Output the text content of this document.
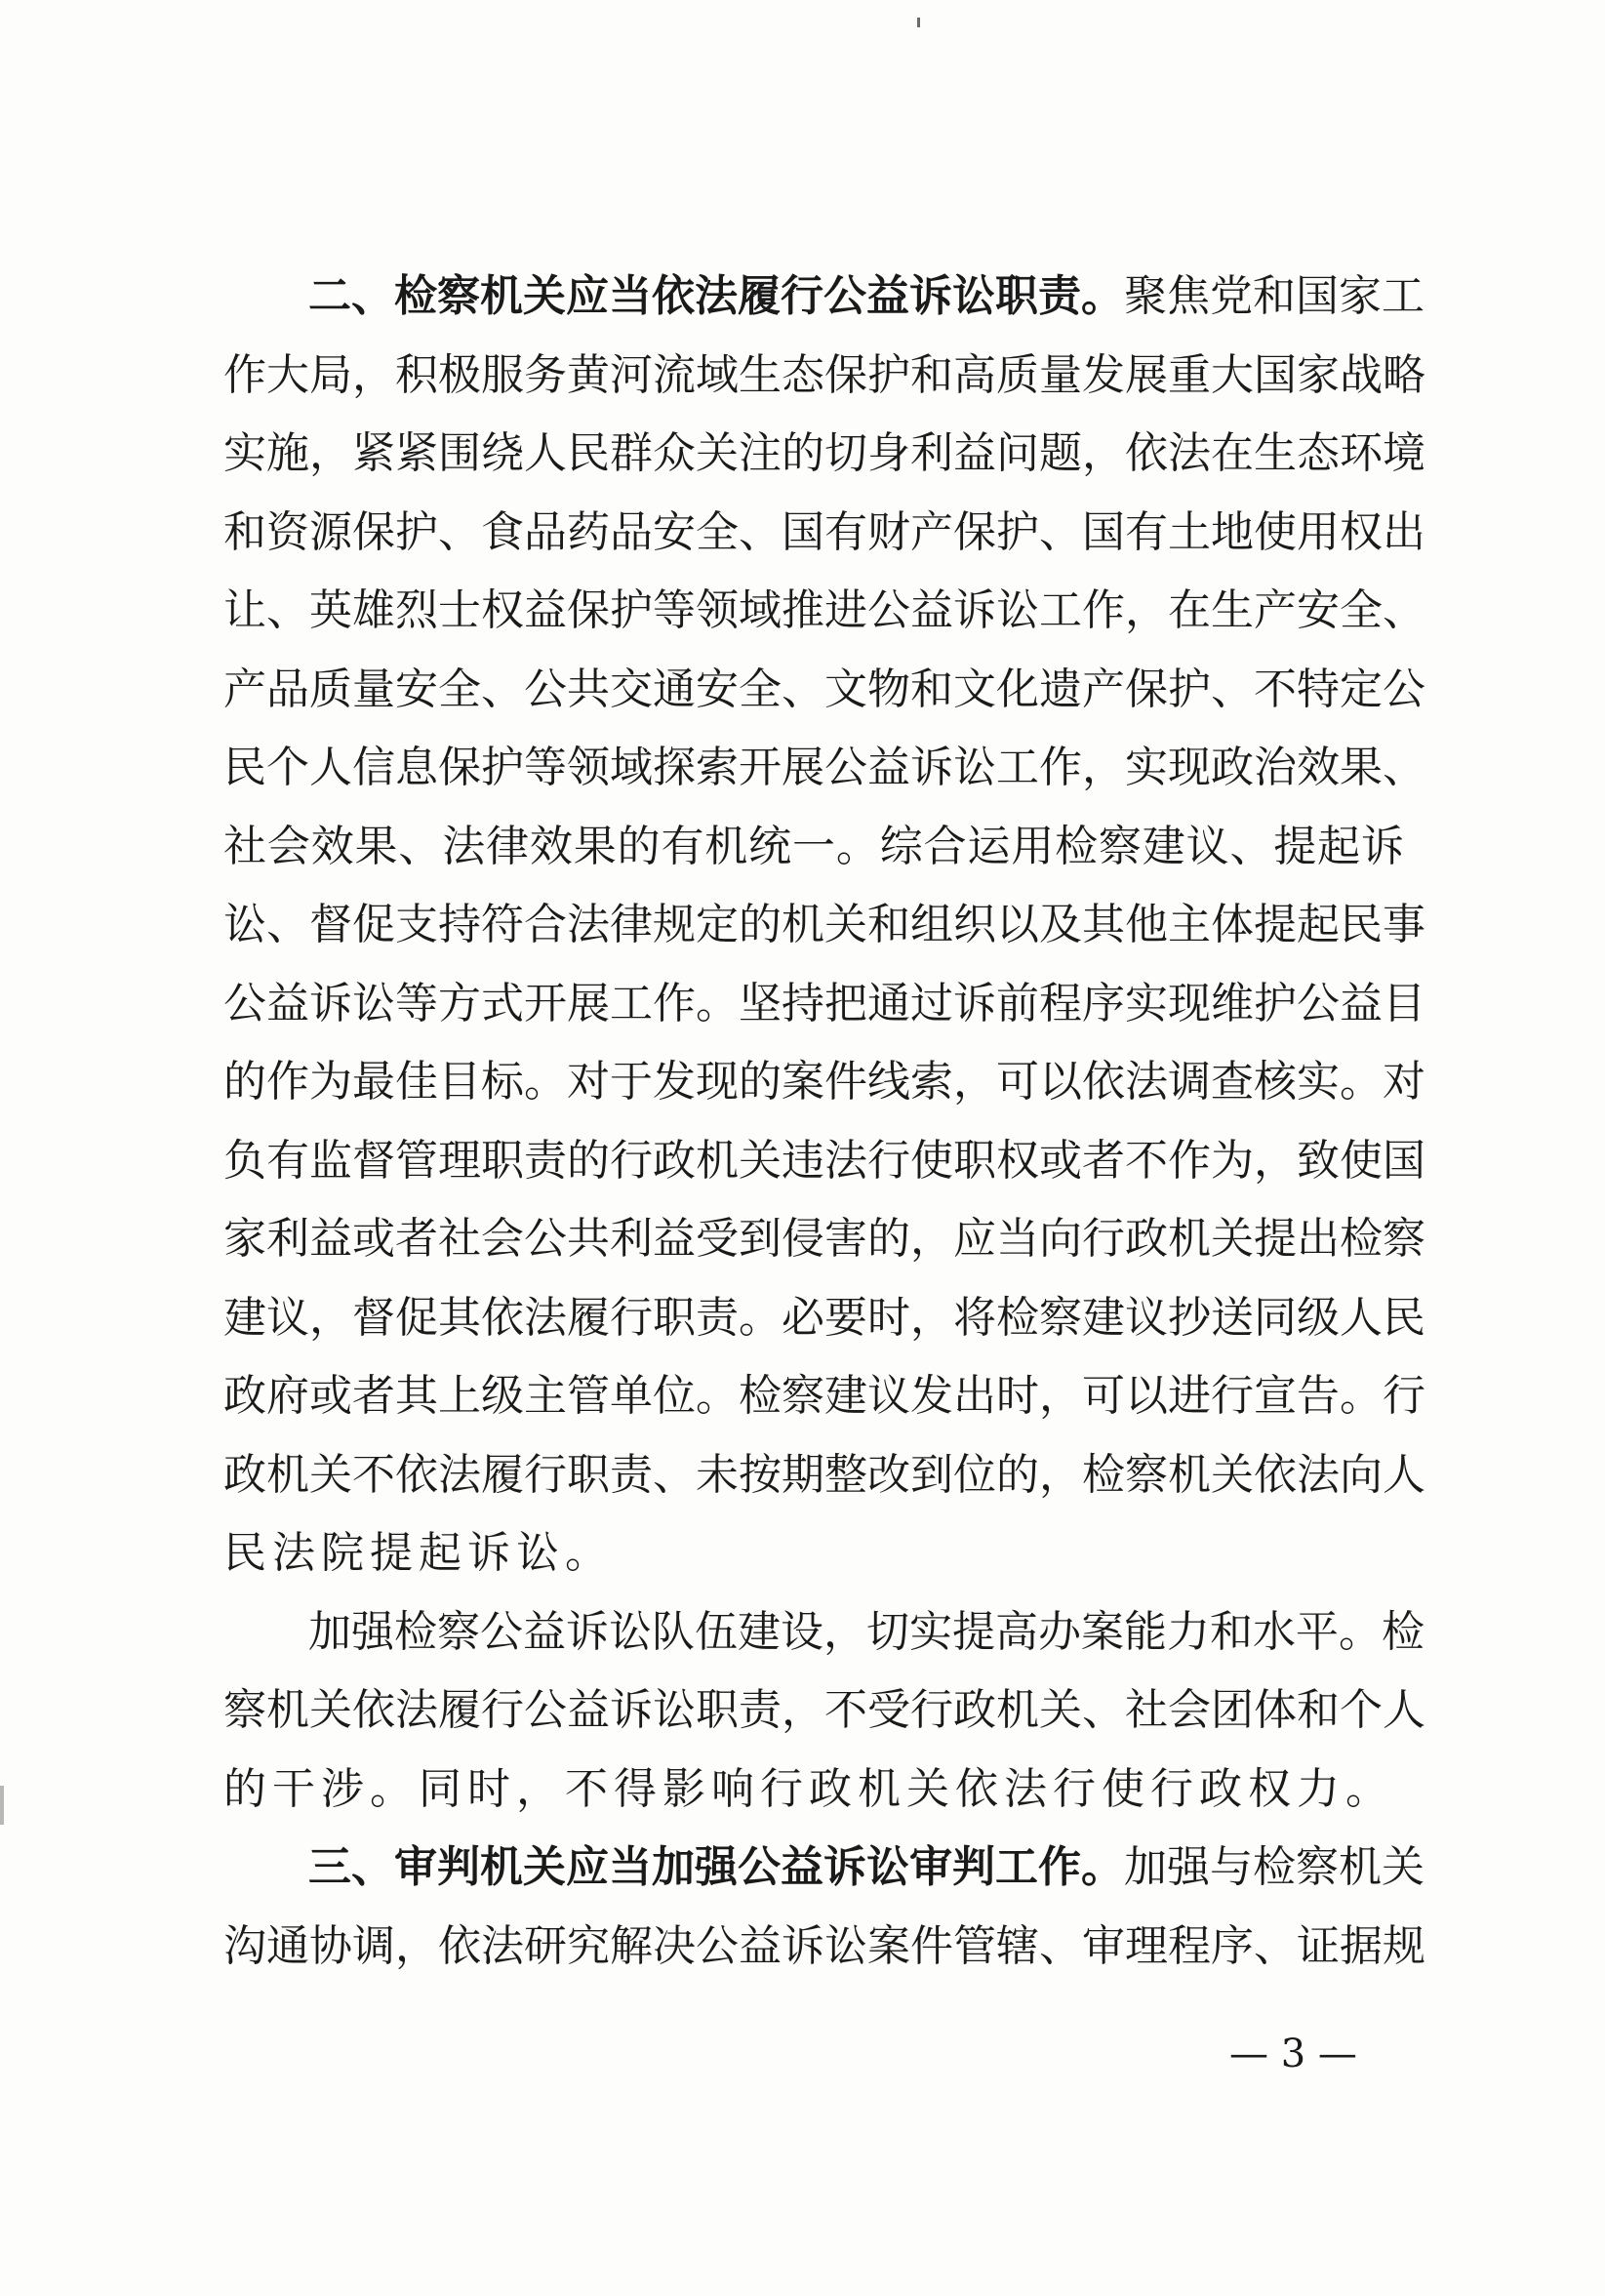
二、检察机关应当依法履行公益诉讼职责。聚焦党和国家工
作大局，积极服务黄河流域生态保护和高质量发展重大国家战略
实施，紧紧围绕人民群众关注的切身利益问题，依法在生态环境
和资源保护、食品药品安全、国有财产保护、国有土地使用权出
让、英雄烈士权益保护等领域推进公益诉讼工作，在生产安全、
产品质量安全、公共交通安全、文物和文化遗产保护、不特定公
民个人信息保护等领域探索开展公益诉讼工作，实现政治效果、
社会效果、法律效果的有机统一。综合运用检察建议、提起诉
讼、督促支持符合法律规定的机关和组织以及其他主体提起民事
公益诉讼等方式开展工作。坚持把通过诉前程序实现维护公益目
的作为最佳目标。对于发现的案件线索，可以依法调查核实。对
负有监督管理职责的行政机关违法行使职权或者不作为，致使国
家利益或者社会公共利益受到侵害的，应当向行政机关提出检察
建议，督促其依法履行职责。必要时，将检察建议抄送同级人民
政府或者其上级主管单位。检察建议发出时，可以进行宣告。行
政机关不依法履行职责、未按期整改到位的，检察机关依法向人
民法院提起诉讼。
加强检察公益诉讼队伍建设，切实提高办案能力和水平。检
察机关依法履行公益诉讼职责，不受行政机关、社会团体和个人
的干涉。同时，不得影响行政机关依法行使行政权力。
三、审判机关应当加强公益诉讼审判工作。加强与检察机关
沟通协调，依法研究解决公益诉讼案件管辖、审理程序、证据规
— 3 —
